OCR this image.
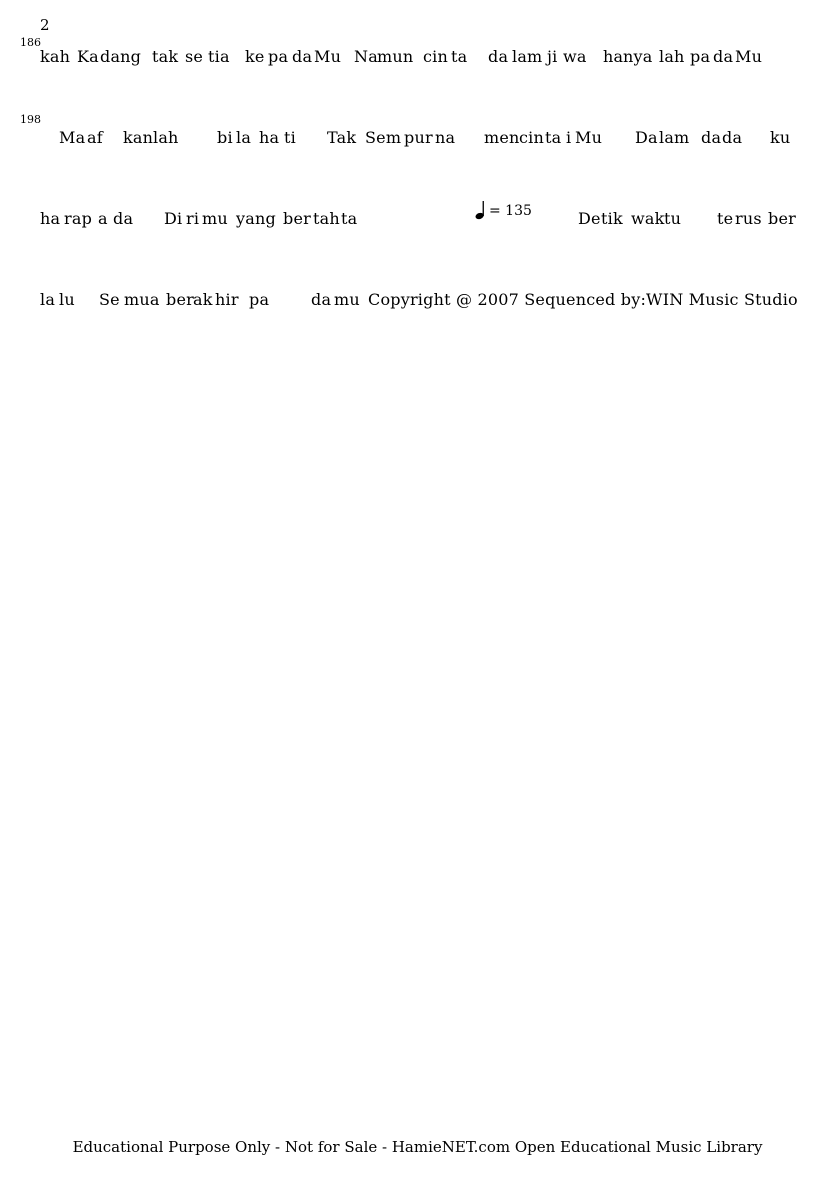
2
186
kah Ka dang tak se tia ke pa da Mu Na mun cin ta da lam ji wa ha nya lah pa da Mu
198
Ma af kan lah bi la ha ti Tak Sem pur na men cin ta i Mu Da lam da da ku
ha rap a da Di ri mu yang ber tah ta	= 135	De tik wak tu te rus ber
la lu Se mua ber ak hir pa	da mu Copyright @ 2007 Sequenced by:WIN Music Studio
Educational Purpose Only - Not for Sale - HamieNET.com Open Educational Music Library
